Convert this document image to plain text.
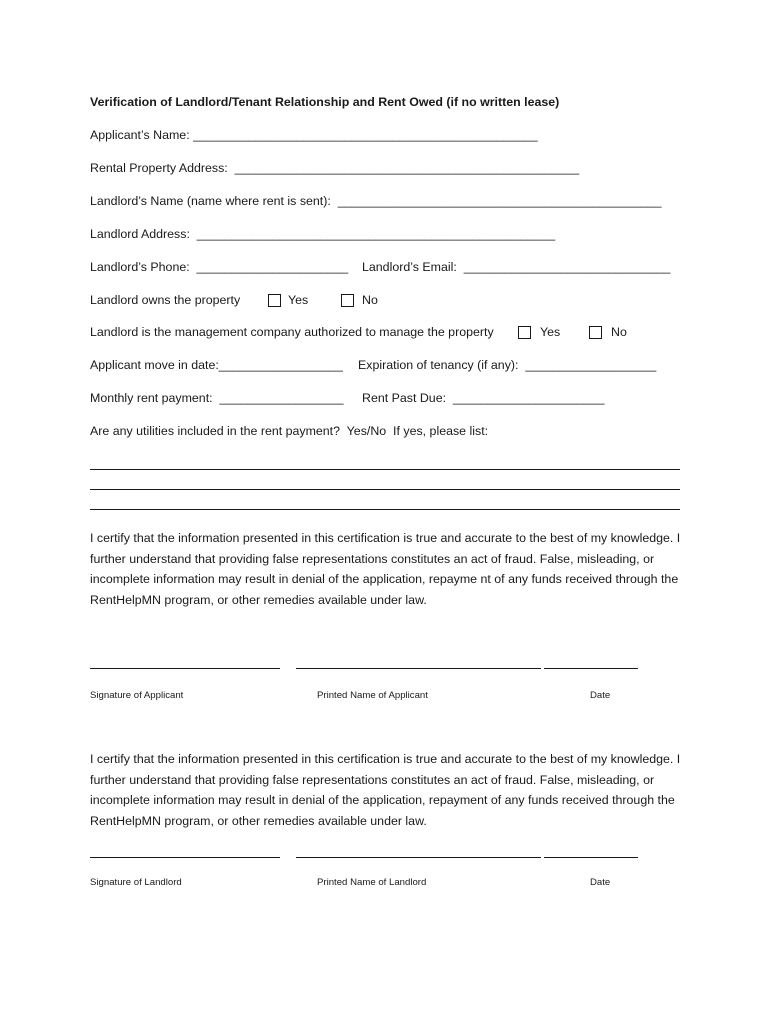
Verification of Landlord/Tenant Relationship and Rent Owed (if no written lease)
Applicant’s Name: __________________________________________________
Rental Property Address:  __________________________________________________
Landlord’s Name (name where rent is sent):  _______________________________________________
Landlord Address:  ____________________________________________________
Landlord’s Phone:  ______________________ Landlord’s Email:  ______________________________
Landlord owns the property	Yes	No
Landlord is the management company authorized to manage the property	Yes	No
Applicant move in date:__________________ Expiration of tenancy (if any):  ___________________
Monthly rent payment:  __________________ Rent Past Due:  ______________________
Are any utilities included in the rent payment?  Yes/No  If yes, please list:
I certify that the information presented in this certification is true and accurate to the best of my knowledge. I further understand that providing false representations constitutes an act of fraud. False, misleading, or incomplete information may result in denial of the application, repayme nt of any funds received through the RentHelpMN program, or other remedies available under law.
Signature of Applicant	Printed Name of Applicant	Date
I certify that the information presented in this certification is true and accurate to the best of my knowledge. I further understand that providing false representations constitutes an act of fraud. False, misleading, or incomplete information may result in denial of the application, repayment of any funds received through the RentHelpMN program, or other remedies available under law.
Signature of Landlord	Printed Name of Landlord	Date
